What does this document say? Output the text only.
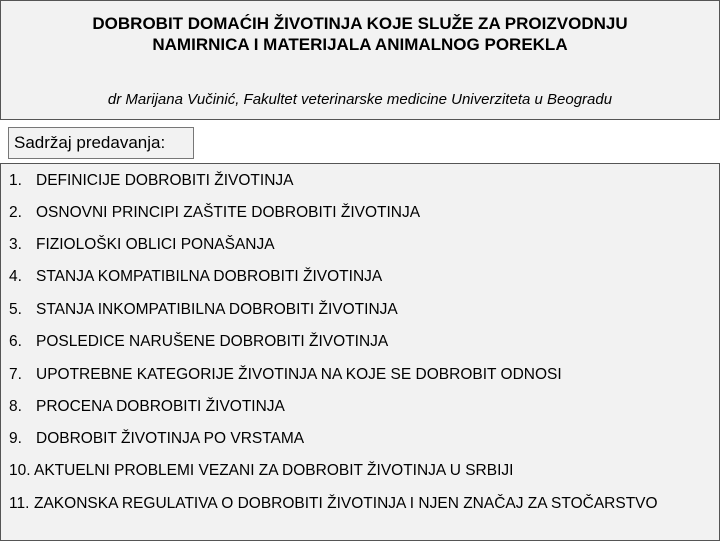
DOBROBIT DOMAĆIH ŽIVOTINJA KOJE SLUŽE ZA PROIZVODNJU
NAMIRNICA I MATERIJALA ANIMALNOG POREKLA
dr Marijana Vučinić, Fakultet veterinarske medicine Univerziteta u Beogradu
Sadržaj predavanja:
1. DEFINICIJE DOBROBITI ŽIVOTINJA
2. OSNOVNI PRINCIPI ZAŠTITE DOBROBITI ŽIVOTINJA
3. FIZIOLOŠKI OBLICI PONAŠANJA
4. STANJA KOMPATIBILNA DOBROBITI ŽIVOTINJA
5. STANJA INKOMPATIBILNA DOBROBITI ŽIVOTINJA
6. POSLEDICE NARUŠENE DOBROBITI ŽIVOTINJA
7. UPOTREBNE KATEGORIJE ŽIVOTINJA NA KOJE SE DOBROBIT ODNOSI
8. PROCENA DOBROBITI ŽIVOTINJA
9. DOBROBIT ŽIVOTINJA PO VRSTAMA
10. AKTUELNI PROBLEMI VEZANI ZA DOBROBIT ŽIVOTINJA U SRBIJI
11. ZAKONSKA REGULATIVA O DOBROBITI ŽIVOTINJA I NJEN ZNAČAJ ZA STOČARSTVO
